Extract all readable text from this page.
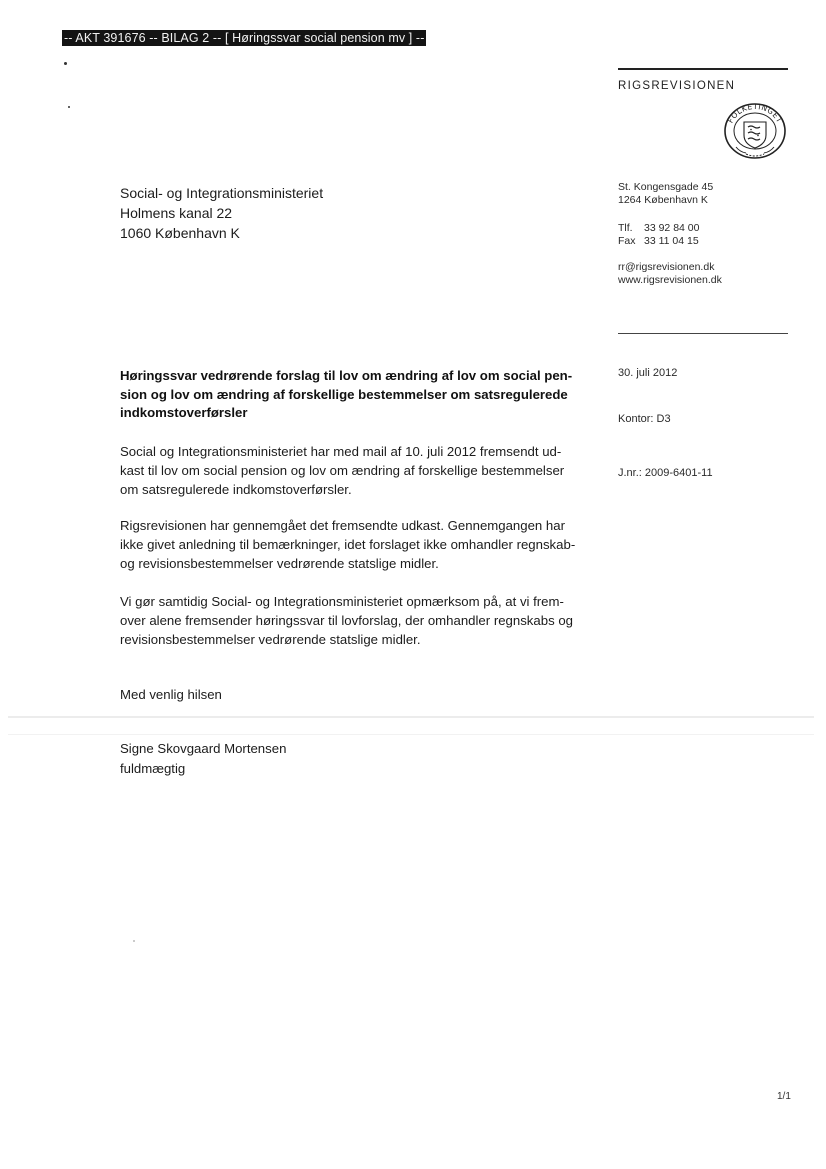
-- AKT 391676 -- BILAG 2 -- [ Høringssvar social pension mv ] --
RIGSREVISIONEN
FOLKETINGET
St. Kongensgade 45
1264 København K
Tlf. 33 92 84 00
Fax 33 11 04 15
rr@rigsrevisionen.dk
www.rigsrevisionen.dk
Social- og Integrationsministeriet
Holmens kanal 22
1060 København K
30. juli 2012
Kontor: D3
J.nr.: 2009-6401-11
Høringssvar vedrørende forslag til lov om ændring af lov om social pen-
sion og lov om ændring af forskellige bestemmelser om satsregulerede
indkomstoverførsler
Social og Integrationsministeriet har med mail af 10. juli 2012 fremsendt ud-
kast til lov om social pension og lov om ændring af forskellige bestemmelser
om satsregulerede indkomstoverførsler.
Rigsrevisionen har gennemgået det fremsendte udkast. Gennemgangen har
ikke givet anledning til bemærkninger, idet forslaget ikke omhandler regnskab-
og revisionsbestemmelser vedrørende statslige midler.
Vi gør samtidig Social- og Integrationsministeriet opmærksom på, at vi frem-
over alene fremsender høringssvar til lovforslag, der omhandler regnskabs og
revisionsbestemmelser vedrørende statslige midler.
Med venlig hilsen
Signe Skovgaard Mortensen
fuldmægtig
1/1
